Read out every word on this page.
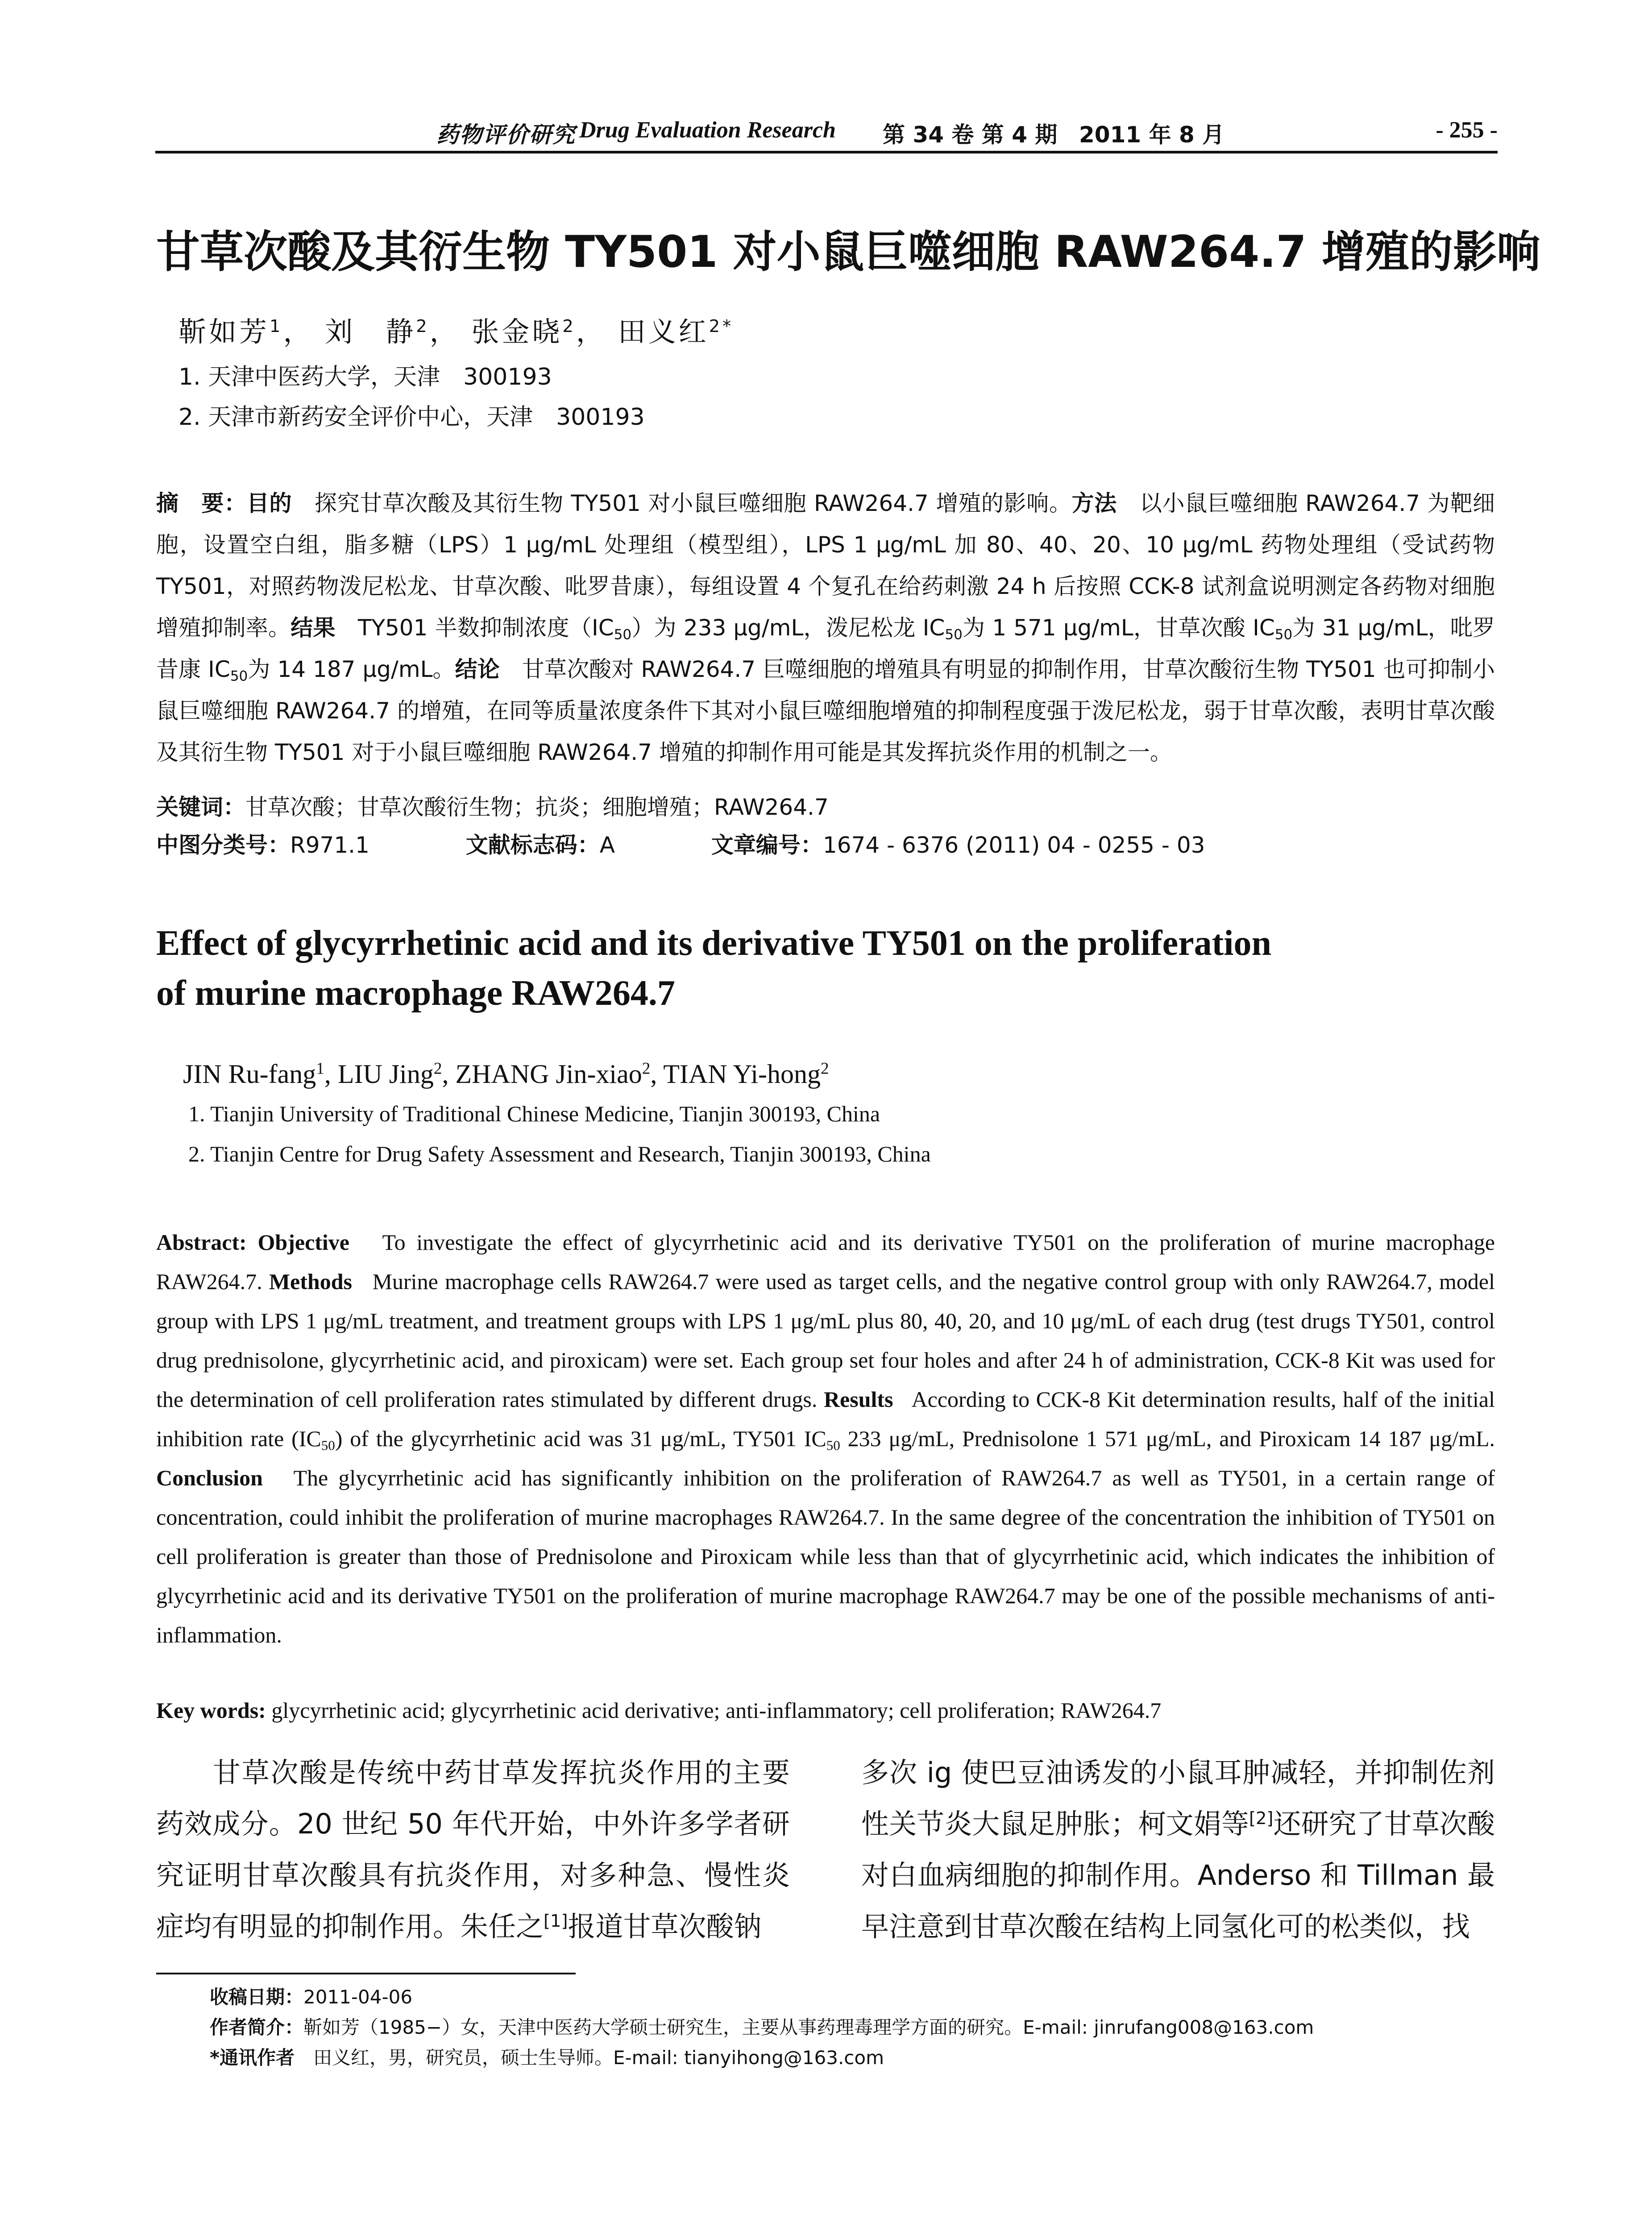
药物评价研究 Drug Evaluation Research 第 34 卷 第 4 期 2011 年 8 月	- 255 -
甘草次酸及其衍生物 TY501 对小鼠巨噬细胞 RAW264.7 增殖的影响
靳如芳$^1$， 刘　静$^2$， 张金晓$^2$， 田义红$^{2*}$
1. 天津中医药大学，天津　300193
2. 天津市新药安全评价中心，天津　300193
摘　要：目的　 探究甘草次酸及其衍生物 TY501 对小鼠巨噬细胞 RAW264.7 增殖的影响。方法　 以小鼠巨噬细胞 RAW264.7 为靶细胞，设置空白组，脂多糖（LPS）1 μg/mL 处理组（模型组），LPS 1 μg/mL 加 80、40、20、10 μg/mL 药物处理组（受试药物 TY501，对照药物泼尼松龙、甘草次酸、吡罗昔康），每组设置 4 个复孔在给药刺激 24 h 后按照 CCK-8 试剂盒说明测定各药物对细胞增殖抑制率。结果　 TY501 半数抑制浓度$(IC_{50})$为 233 μg/mL，泼尼松龙 $IC_{50}$为 1 571 μg/mL，甘草次酸 $IC_{50}$为 31 μg/mL，吡罗昔康 $IC_{50}$为 14 187 μg/mL。结论　 甘草次酸对 RAW264.7 巨噬细胞的增殖具有明显的抑制作用，甘草次酸衍生物 TY501 也可抑制小鼠巨噬细胞 RAW264.7 的增殖，在同等质量浓度条件下其对小鼠巨噬细胞增殖的抑制程度强于泼尼松龙，弱于甘草次酸，表明甘草次酸及其衍生物 TY501 对于小鼠巨噬细胞 RAW264.7 增殖的抑制作用可能是其发挥抗炎作用的机制之一。
关键词：甘草次酸；甘草次酸衍生物；抗炎；细胞增殖；RAW264.7
中图分类号：R971.1	文献标志码：A	文章编号：1674 - 6376 (2011) 04 - 0255 - 03
Effect of glycyrrhetinic acid and its derivative TY501 on the proliferation
of murine macrophage RAW264.7
JIN Ru-fang$^1$, LIU Jing$^2$, ZHANG Jin-xiao$^2$, TIAN Yi-hong$^2$
1. Tianjin University of Traditional Chinese Medicine, Tianjin 300193, China
2. Tianjin Centre for Drug Safety Assessment and Research, Tianjin 300193, China
Abstract: Objective To investigate the effect of glycyrrhetinic acid and its derivative TY501 on the proliferation of murine macrophage RAW264.7. Methods Murine macrophage cells RAW264.7 were used as target cells, and the negative control group with only RAW264.7, model group with LPS 1 μg/mL treatment, and treatment groups with LPS 1 μg/mL plus 80, 40, 20, and 10 μg/mL of each drug (test drugs TY501, control drug prednisolone, glycyrrhetinic acid, and piroxicam) were set. Each group set four holes and after 24 h of administration, CCK-8 Kit was used for the determination of cell proliferation rates stimulated by different drugs. Results According to CCK-8 Kit determination results, half of the initial inhibition rate $(IC_{50})$ of the glycyrrhetinic acid was 31 μg/mL, TY501 $IC_{50}$ 233 μg/mL, Prednisolone 1 571 μg/mL, and Piroxicam 14 187 μg/mL. Conclusion The glycyrrhetinic acid has significantly inhibition on the proliferation of RAW264.7 as well as TY501, in a certain range of concentration, could inhibit the proliferation of murine macrophages RAW264.7. In the same degree of the concentration the inhibition of TY501 on cell proliferation is greater than those of Prednisolone and Piroxicam while less than that of glycyrrhetinic acid, which indicates the inhibition of glycyrrhetinic acid and its derivative TY501 on the proliferation of murine macrophage RAW264.7 may be one of the possible mechanisms of anti-inflammation.
Key words: glycyrrhetinic acid; glycyrrhetinic acid derivative; anti-inflammatory; cell proliferation; RAW264.7
甘草次酸是传统中药甘草发挥抗炎作用的主要药效成分。20 世纪 50 年代开始，中外许多学者研究证明甘草次酸具有抗炎作用，对多种急、慢性炎症均有明显的抑制作用。朱任之[1]报道甘草次酸钠
多次 ig 使巴豆油诱发的小鼠耳肿减轻，并抑制佐剂性关节炎大鼠足肿胀；柯文娟等[2]还研究了甘草次酸对白血病细胞的抑制作用。Anderso 和 Tillman 最早注意到甘草次酸在结构上同氢化可的松类似，找
收稿日期：2011-04-06
作者简介：靳如芳（1985−）女，天津中医药大学硕士研究生，主要从事药理毒理学方面的研究。E-mail: jinrufang008@163.com
*通讯作者　 田义红，男，研究员，硕士生导师。E-mail: tianyihong@163.com
